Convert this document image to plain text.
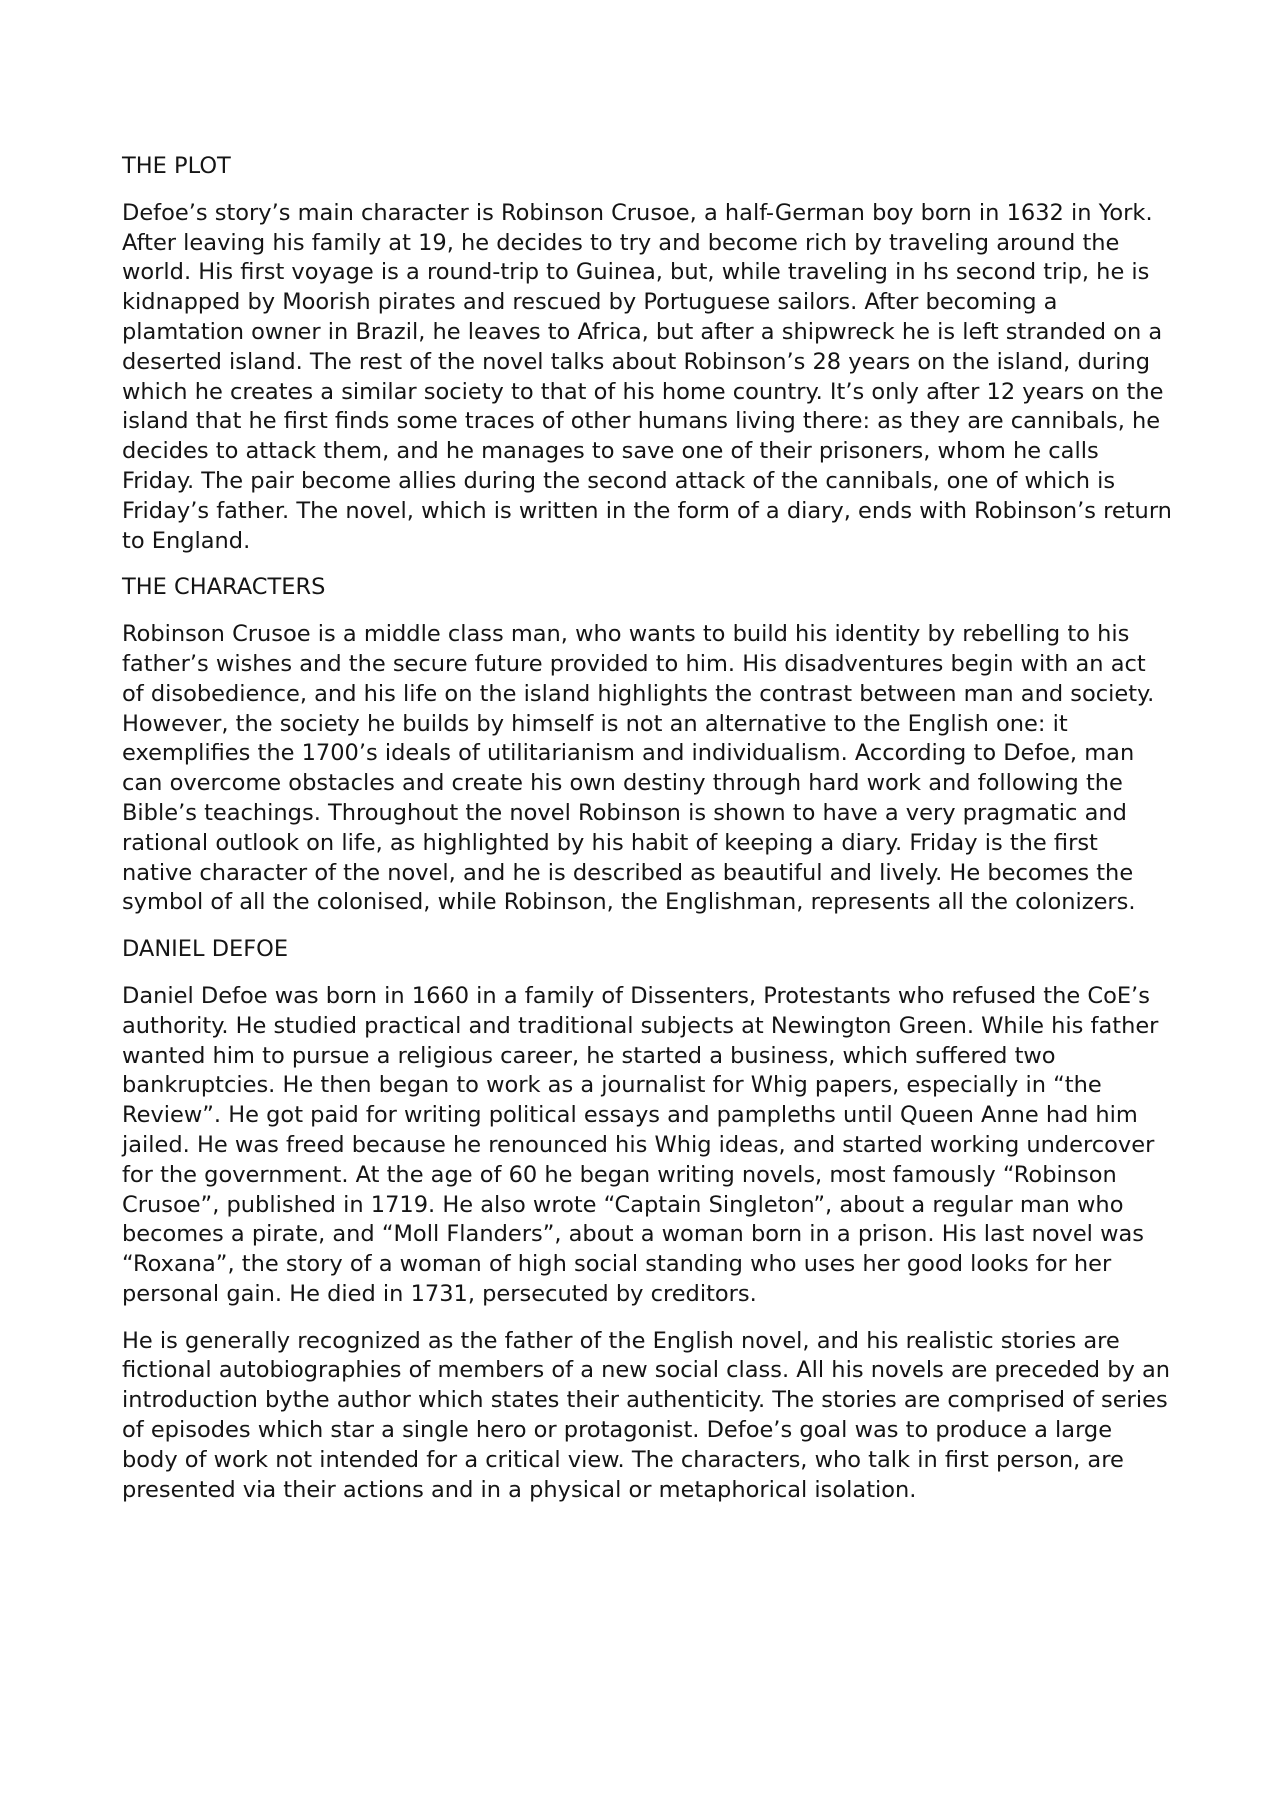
THE PLOT
Defoe’s story’s main character is Robinson Crusoe, a half-German boy born in 1632 in York. After leaving his family at 19, he decides to try and become rich by traveling around the world. His first voyage is a round-trip to Guinea, but, while traveling in hs second trip, he is kidnapped by Moorish pirates and rescued by Portuguese sailors. After becoming a plamtation owner in Brazil, he leaves to Africa, but after a shipwreck he is left stranded on a deserted island. The rest of the novel talks about Robinson’s 28 years on the island, during which he creates a similar society to that of his home country. It’s only after 12 years on the island that he first finds some traces of other humans living there: as they are cannibals, he decides to attack them, and he manages to save one of their prisoners, whom he calls Friday. The pair become allies during the second attack of the cannibals, one of which is Friday’s father. The novel, which is written in the form of a diary, ends with Robinson’s return to England.
THE CHARACTERS
Robinson Crusoe is a middle class man, who wants to build his identity by rebelling to his father’s wishes and the secure future provided to him. His disadventures begin with an act of disobedience, and his life on the island highlights the contrast between man and society. However, the society he builds by himself is not an alternative to the English one: it exemplifies the 1700’s ideals of utilitarianism and individualism. According to Defoe, man can overcome obstacles and create his own destiny through hard work and following the Bible’s teachings. Throughout the novel Robinson is shown to have a very pragmatic and rational outlook on life, as highlighted by his habit of keeping a diary. Friday is the first native character of the novel, and he is described as beautiful and lively. He becomes the symbol of all the colonised, while Robinson, the Englishman, represents all the colonizers.
DANIEL DEFOE
Daniel Defoe was born in 1660 in a family of Dissenters, Protestants who refused the CoE’s authority. He studied practical and traditional subjects at Newington Green. While his father wanted him to pursue a religious career, he started a business, which suffered two bankruptcies. He then began to work as a journalist for Whig papers, especially in “the Review”. He got paid for writing political essays and pampleths until Queen Anne had him jailed. He was freed because he renounced his Whig ideas, and started working undercover for the government. At the age of 60 he began writing novels, most famously “Robinson Crusoe”, published in 1719. He also wrote “Captain Singleton”, about a regular man who becomes a pirate, and “Moll Flanders”, about a woman born in a prison. His last novel was “Roxana”, the story of a woman of high social standing who uses her good looks for her personal gain. He died in 1731, persecuted by creditors.
He is generally recognized as the father of the English novel, and his realistic stories are fictional autobiographies of members of a new social class. All his novels are preceded by an introduction bythe author which states their authenticity. The stories are comprised of series of episodes which star a single hero or protagonist. Defoe’s goal was to produce a large body of work not intended for a critical view. The characters, who talk in first person, are presented via their actions and in a physical or metaphorical isolation.
